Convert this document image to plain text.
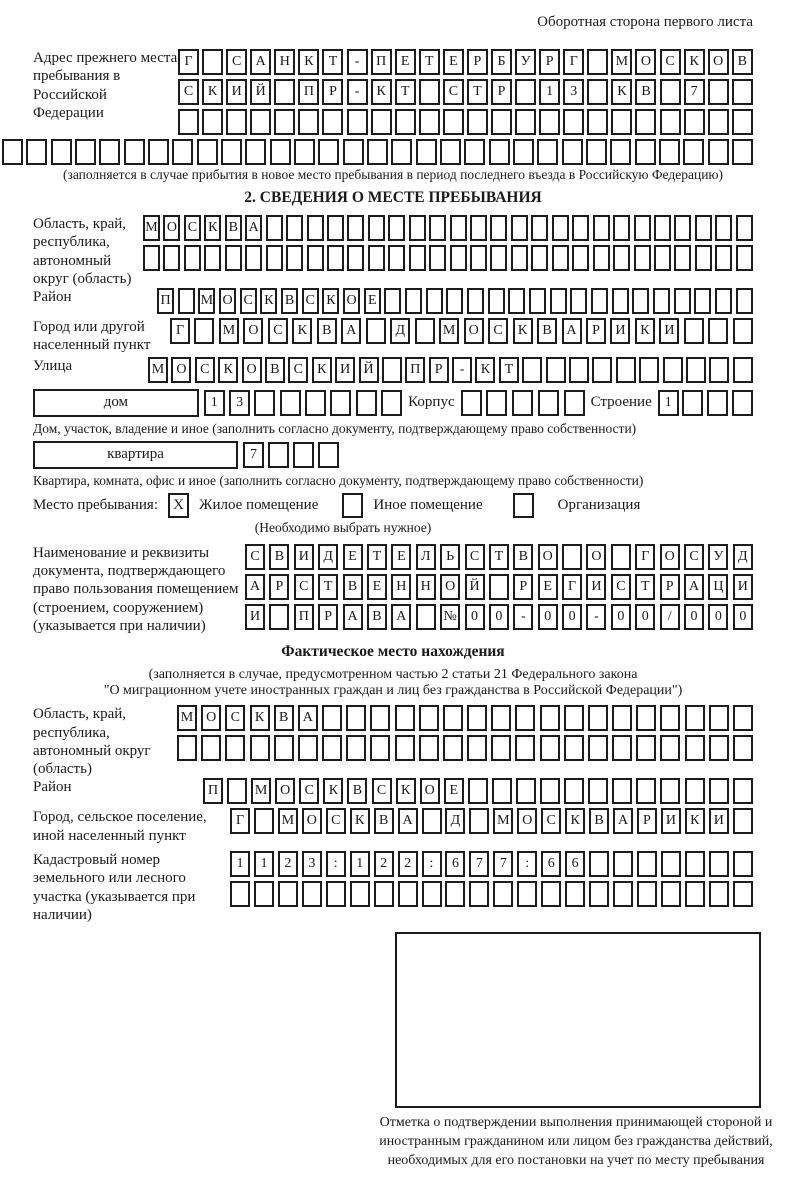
Оборотная сторона первого листа
Адрес прежнего места пребывания в Российской Федерации
Г	С	А Н	К	Т	-	П	Е	Т	Е	Р	Б	У	Р	Г	М О	С	К	О	В
С	К	И Й	П	Р	-	К	Т	С	Т	Р	1	3	К	В	7
(заполняется в случае прибытия в новое место пребывания в период последнего въезда в Российскую Федерацию)
2. СВЕДЕНИЯ О МЕСТЕ ПРЕБЫВАНИЯ
Область, край, республика, автономный округ (область)
М О С К В А
Район	П М О С К В С К О Е
Город или другой населенный пункт
Г	М О	С	К	В	А	Д	М О	С	К	В	А	Р	И	К	И
Улица	М О С	К О В	С	К И Й	П	Р	-	К	Т
дом	1	3	Корпус	Строение 1
Дом, участок, владение и иное (заполнить согласно документу, подтверждающему право собственности)
квартира	7
Квартира, комната, офис и иное (заполнить согласно документу, подтверждающему право собственности)
Место пребывания:	X	Жилое помещение	Иное помещение	Организация
(Необходимо выбрать нужное)
Наименование и реквизиты документа, подтверждающего право пользования помещением (строением, сооружением) (указывается при наличии)
С	В	И	Д	Е	Т	Е	Л	Ь	С	Т	В	О	О	Г	О	С	У	Д
А	Р	С	Т	В	Е	Н	Н	О	Й	Р	Е	Г	И	С	Т	Р	А	Ц	И
И	П	Р	А	В	А	№	0	0	-	0	0	-	0	0	/	0	0	0
Фактическое место нахождения
(заполняется в случае, предусмотренном частью 2 статьи 21 Федерального закона
"О миграционном учете иностранных граждан и лиц без гражданства в Российской Федерации")
Область, край, республика, автономный округ (область)
М О	С	К	В	А
Район	П	М О	С	К	В	С	К	О	Е
Город, сельское поселение, иной населенный пункт
Г	М О	С	К	В	А	Д	М О	С	К	В	А	Р	И	К	И
Кадастровый номер земельного или лесного участка (указывается при наличии)
1	1	2	3	:	1	2	2	:	6	7	7	:	6	6
Отметка о подтверждении выполнения принимающей стороной и иностранным гражданином или лицом без гражданства действий, необходимых для его постановки на учет по месту пребывания
